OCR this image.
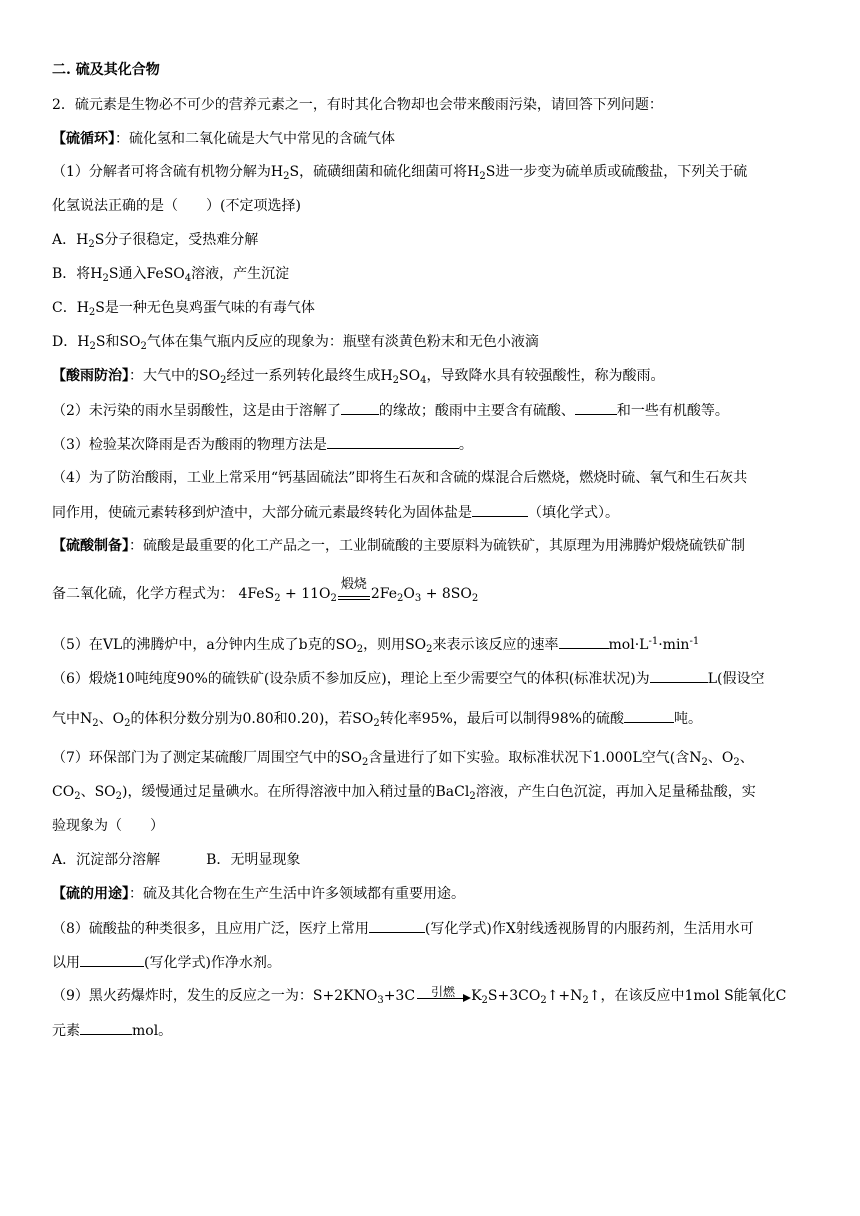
二. 硫及其化合物
2．硫元素是生物必不可少的营养元素之一，有时其化合物却也会带来酸雨污染，请回答下列问题：
【硫循环】：硫化氢和二氧化硫是大气中常见的含硫气体
（1）分解者可将含硫有机物分解为$H_2S$，硫磺细菌和硫化细菌可将$H_2S$进一步变为硫单质或硫酸盐，下列关于硫
化氢说法正确的是（　　）(不定项选择)
A．$H_2S$分子很稳定，受热难分解
B．将$H_2S$通入FeSO$_4$溶液，产生沉淀
C．$H_2S$是一种无色臭鸡蛋气味的有毒气体
D．$H_2S$和$SO_2$气体在集气瓶内反应的现象为：瓶壁有淡黄色粉末和无色小液滴
【酸雨防治】：大气中的$SO_2$经过一系列转化最终生成$H_2SO_4$，导致降水具有较强酸性，称为酸雨。
（2）未污染的雨水呈弱酸性，这是由于溶解了	的缘故；酸雨中主要含有硫酸、	和一些有机酸等。
（3）检验某次降雨是否为酸雨的物理方法是	。
（4）为了防治酸雨，工业上常采用“钙基固硫法”即将生石灰和含硫的煤混合后燃烧，燃烧时硫、氧气和生石灰共
同作用，使硫元素转移到炉渣中，大部分硫元素最终转化为固体盐是	（填化学式）。
【硫酸制备】：硫酸是最重要的化工产品之一，工业制硫酸的主要原料为硫铁矿，其原理为用沸腾炉煅烧硫铁矿制
备二氧化硫，化学方程式为： $4FeS_2 + 11O_2$
煅烧
$2Fe_2O_3 + 8SO_2$
（5）在VL的沸腾炉中，a分钟内生成了b克的$SO_2$，则用$SO_2$来表示该反应的速率	$mol\cdot L^{-1}\cdot\min^{-1}$
（6）煅烧10吨纯度90%的硫铁矿(设杂质不参加反应)，理论上至少需要空气的体积(标准状况)为	L(假设空
气中$N_2$、$O_2$的体积分数分别为0.80和0.20)，若$SO_2$转化率95%，最后可以制得98%的硫酸	吨。
（7）环保部门为了测定某硫酸厂周围空气中的$SO_2$含量进行了如下实验。取标准状况下1.000L空气(含$N_2$、$O_2$、
$CO_2$、$SO_2$)，缓慢通过足量碘水。在所得溶液中加入稍过量的BaCl$_2$溶液，产生白色沉淀，再加入足量稀盐酸，实
验现象为（　　）
A．沉淀部分溶解	B．无明显现象
【硫的用途】：硫及其化合物在生产生活中许多领域都有重要用途。
（8）硫酸盐的种类很多，且应用广泛，医疗上常用	(写化学式)作X射线透视肠胃的内服药剂，生活用水可
以用	(写化学式)作净水剂。
（9）黑火药爆炸时，发生的反应之一为：$S+2KNO_3+3C$	引燃	$K_2S+3CO_2↑+N_2↑$，在该反应中1mol S能氧化C
元素	mol。
